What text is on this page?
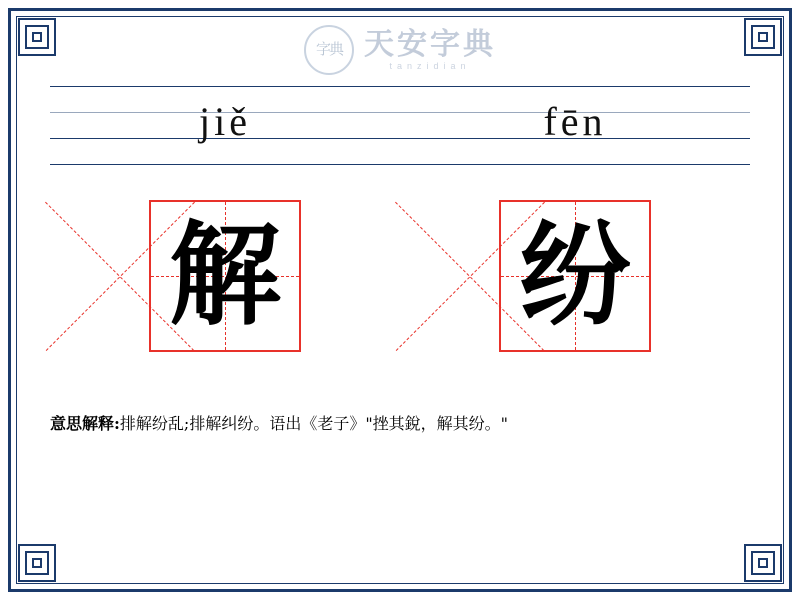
字典 天安字典
tanzidian
jiě	fēn
解 纷
意思解释:排解纷乱;排解纠纷。语出《老子》"挫其銳，解其纷。"
